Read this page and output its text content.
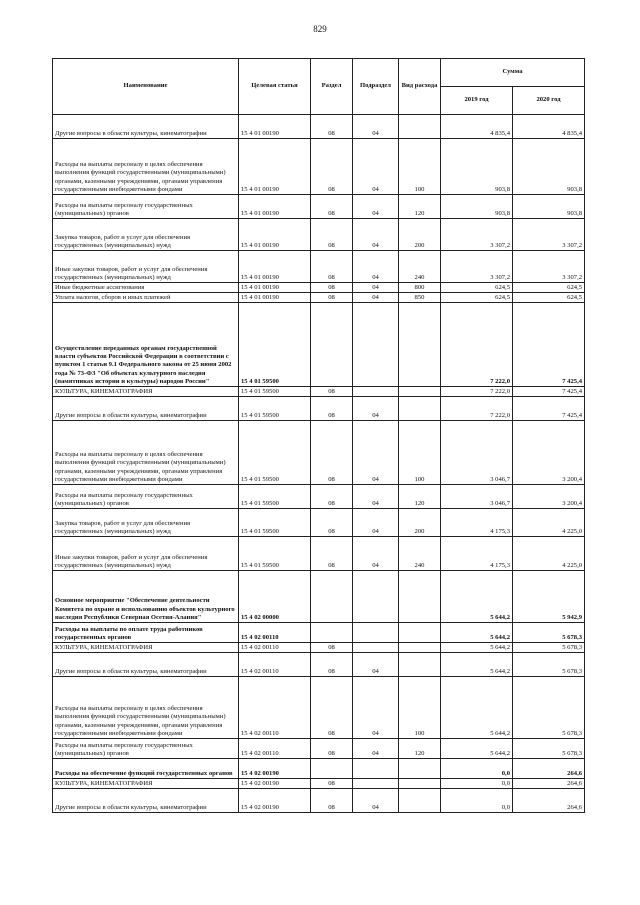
829
Наименование	Целевая статья	Раздел	Подраздел	Вид расхода	Сумма	
					2019 год	2020 год
Другие вопросы в области культуры, кинематографии	15 4 01 00190	08	04		4 835,4	4 835,4
Расходы на выплаты персоналу в целях обеспечения выполнения функций государственными (муниципальными) органами, казенными учреждениями, органами управления государственными внебюджетными фондами	15 4 01 00190	08	04	100	903,8	903,8
Расходы на выплаты персоналу государственных (муниципальных) органов	15 4 01 00190	08	04	120	903,8	903,8
Закупка товаров, работ и услуг для обеспечения государственных (муниципальных) нужд	15 4 01 00190	08	04	200	3 307,2	3 307,2
Иные закупки товаров, работ и услуг для обеспечения государственных (муниципальных) нужд	15 4 01 00190	08	04	240	3 307,2	3 307,2
Иные бюджетные ассигнования	15 4 01 00190	08	04	800	624,5	624,5
Уплата налогов, сборов и иных платежей	15 4 01 00190	08	04	850	624,5	624,5
Осуществление переданных органам государственной власти субъектов Российской Федерации в соответствии с пунктом 1 статьи 9.1 Федерального закона от 25 июня 2002 года № 73-ФЗ "Об объектах культурного наследия (памятниках истории и культуры) народов России"	15 4 01 59500				7 222,0	7 425,4
КУЛЬТУРА, КИНЕМАТОГРАФИЯ	15 4 01 59500	08			7 222,0	7 425,4
Другие вопросы в области культуры, кинематографии	15 4 01 59500	08	04		7 222,0	7 425,4
Расходы на выплаты персоналу в целях обеспечения выполнения функций государственными (муниципальными) органами, казенными учреждениями, органами управления государственными внебюджетными фондами	15 4 01 59500	08	04	100	3 046,7	3 200,4
Расходы на выплаты персоналу государственных (муниципальных) органов	15 4 01 59500	08	04	120	3 046,7	3 200,4
Закупка товаров, работ и услуг для обеспечения государственных (муниципальных) нужд	15 4 01 59500	08	04	200	4 175,3	4 225,0
Иные закупки товаров, работ и услуг для обеспечения государственных (муниципальных) нужд	15 4 01 59500	08	04	240	4 175,3	4 225,0
Основное мероприятие "Обеспечение деятельности Комитета по охране и использованию объектов культурного наследия Республики Северная Осетия-Алания"	15 4 02 00000				5 644,2	5 942,9
Расходы на выплаты по оплате труда работников государственных органов	15 4 02 00110				5 644,2	5 678,3
КУЛЬТУРА, КИНЕМАТОГРАФИЯ	15 4 02 00110	08			5 644,2	5 678,3
Другие вопросы в области культуры, кинематографии	15 4 02 00110	08	04		5 644,2	5 678,3
Расходы на выплаты персоналу в целях обеспечения выполнения функций государственными (муниципальными) органами, казенными учреждениями, органами управления государственными внебюджетными фондами	15 4 02 00110	08	04	100	5 644,2	5 678,3
Расходы на выплаты персоналу государственных (муниципальных) органов	15 4 02 00110	08	04	120	5 644,2	5 678,3
Расходы на обеспечение функций государственных органов	15 4 02 00190				0,0	264,6
КУЛЬТУРА, КИНЕМАТОГРАФИЯ	15 4 02 00190	08			0,0	264,6
Другие вопросы в области культуры, кинематографии	15 4 02 00190	08	04		0,0	264,6
